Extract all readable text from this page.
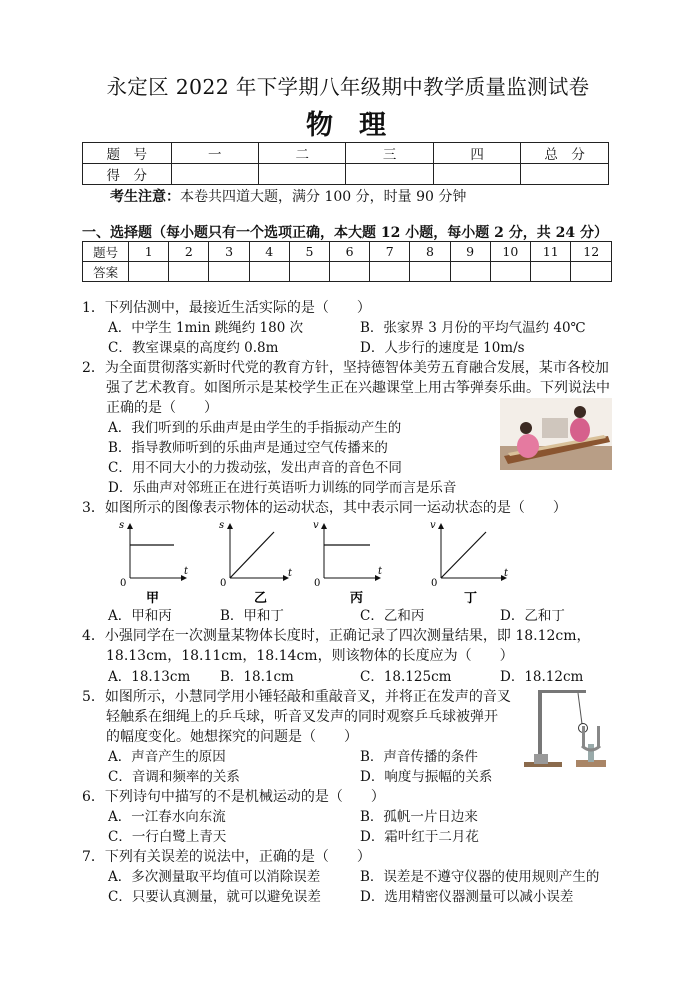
永定区 2022 年下学期八年级期中教学质量监测试卷
物理
题　号	一	二	三	四	总　分
得　分					
考生注意：本卷共四道大题，满分 100 分，时量 90 分钟
一、选择题（每小题只有一个选项正确，本大题 12 小题，每小题 2 分，共 24 分）
题号	1	2	3	4	5	6	7	8	9	10	11	12
答案												
1．下列估测中，最接近生活实际的是（　　）
A．中学生 1min 跳绳约 180 次	B．张家界 3 月份的平均气温约 40℃
C．教室课桌的高度约 0.8m	D．人步行的速度是 10m/s
2．为全面贯彻落实新时代党的教育方针，坚持德智体美劳五育融合发展，某市各校加
强了艺术教育。如图所示是某校学生正在兴趣课堂上用古筝弹奏乐曲。下列说法中
正确的是（　　）
A．我们听到的乐曲声是由学生的手指振动产生的
B．指导教师听到的乐曲声是通过空气传播来的
C．用不同大小的力拨动弦，发出声音的音色不同
D．乐曲声对邻班正在进行英语听力训练的同学而言是乐音
3．如图所示的图像表示物体的运动状态，其中表示同一运动状态的是（　　）
s
t
0
甲
s
t
0
乙
v
t
0
丙
v
t
0
丁
A．甲和丙	B．甲和丁	C．乙和丙	D．乙和丁
4．小强同学在一次测量某物体长度时，正确记录了四次测量结果，即 18.12cm，
18.13cm，18.11cm，18.14cm，则该物体的长度应为（　　）
A．18.13cm B．18.1cm	C．18.125cm	D．18.12cm
5．如图所示，小慧同学用小锤轻敲和重敲音叉，并将正在发声的音叉
轻触系在细绳上的乒乓球，听音叉发声的同时观察乒乓球被弹开
的幅度变化。她想探究的问题是（　　）
A．声音产生的原因	B．声音传播的条件
C．音调和频率的关系	D．响度与振幅的关系
6．下列诗句中描写的不是机械运动的是（　　）
A．一江春水向东流	B．孤帆一片日边来
C．一行白鹭上青天	D．霜叶红于二月花
7．下列有关误差的说法中，正确的是（　　）
A．多次测量取平均值可以消除误差	B．误差是不遵守仪器的使用规则产生的
C．只要认真测量，就可以避免误差	D．选用精密仪器测量可以减小误差
